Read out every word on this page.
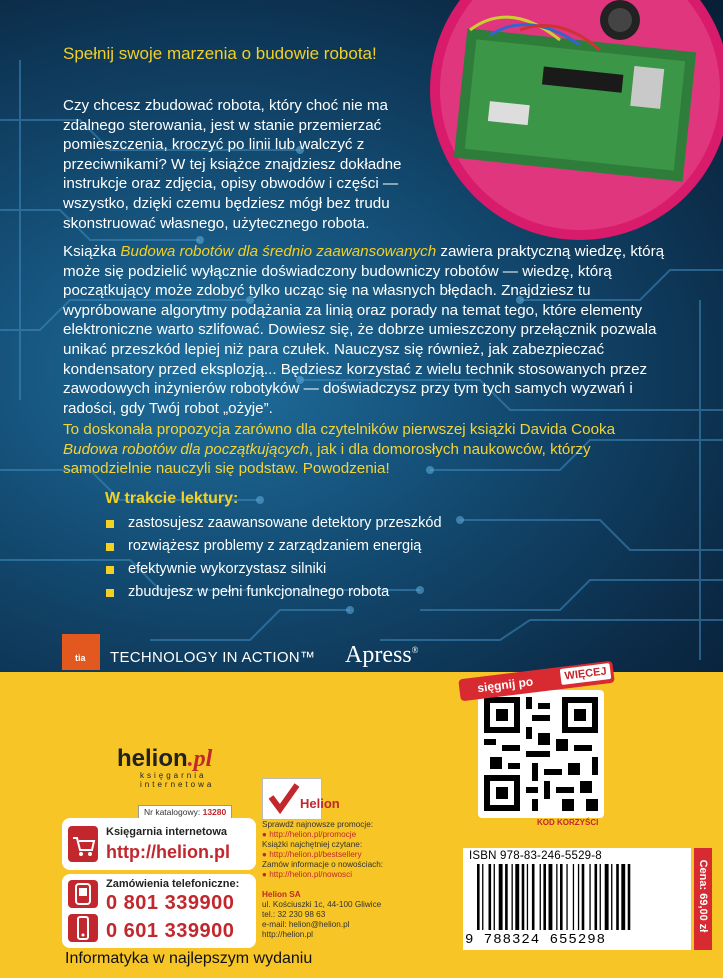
Spełnij swoje marzenia o budowie robota!
Czy chcesz zbudować robota, który choć nie ma zdalnego sterowania, jest w stanie przemierzać pomieszczenia, kroczyć po linii lub walczyć z przeciwnikami? W tej książce znajdziesz dokładne instrukcje oraz zdjęcia, opisy obwodów i części — wszystko, dzięki czemu będziesz mógł bez trudu skonstruować własnego, użytecznego robota.
Książka Budowa robotów dla średnio zaawansowanych zawiera praktyczną wiedzę, którą może się podzielić wyłącznie doświadczony budowniczy robotów — wiedzę, którą początkujący może zdobyć tylko ucząc się na własnych błędach. Znajdziesz tu wypróbowane algorytmy podążania za linią oraz porady na temat tego, które elementy elektroniczne warto szlifować. Dowiesz się, że dobrze umieszczony przełącznik pozwala unikać przeszkód lepiej niż para czułek. Nauczysz się również, jak zabezpieczać kondensatory przed eksplozją... Będziesz korzystać z wielu technik stosowanych przez zawodowych inżynierów robotyków — doświadczysz przy tym tych samych wyzwań i radości, gdy Twój robot „ożyje”.
To doskonała propozycja zarówno dla czytelników pierwszej książki Davida Cooka Budowa robotów dla początkujących, jak i dla domorosłych naukowców, którzy samodzielnie nauczyli się podstaw. Powodzenia!
W trakcie lektury:
zastosujesz zaawansowane detektory przeszkód
rozwiążesz problemy z zarządzaniem energią
efektywnie wykorzystasz silniki
zbudujesz w pełni funkcjonalnego robota
tia TECHNOLOGY IN ACTION™ Apress®
helion.pl
księgarnia internetowa
Nr katalogowy: 13280
Księgarnia internetowa
http://helion.pl
Zamówienia telefoniczne:
0 801 339900
0 601 339900
Helion
Sprawdź najnowsze promocje:
● http://helion.pl/promocje
Książki najchętniej czytane:
● http://helion.pl/bestsellery
Zamów informacje o nowościach:
● http://helion.pl/nowosci
Helion SA
ul. Kościuszki 1c, 44-100 Gliwice
tel.: 32 230 98 63
e-mail: helion@helion.pl
http://helion.pl
sięgnij po
WIĘCEJ
KOD KORZYŚCI
ISBN 978-83-246-5529-8
9 788324 655298
Cena: 69,00 zł
Informatyka w najlepszym wydaniu
